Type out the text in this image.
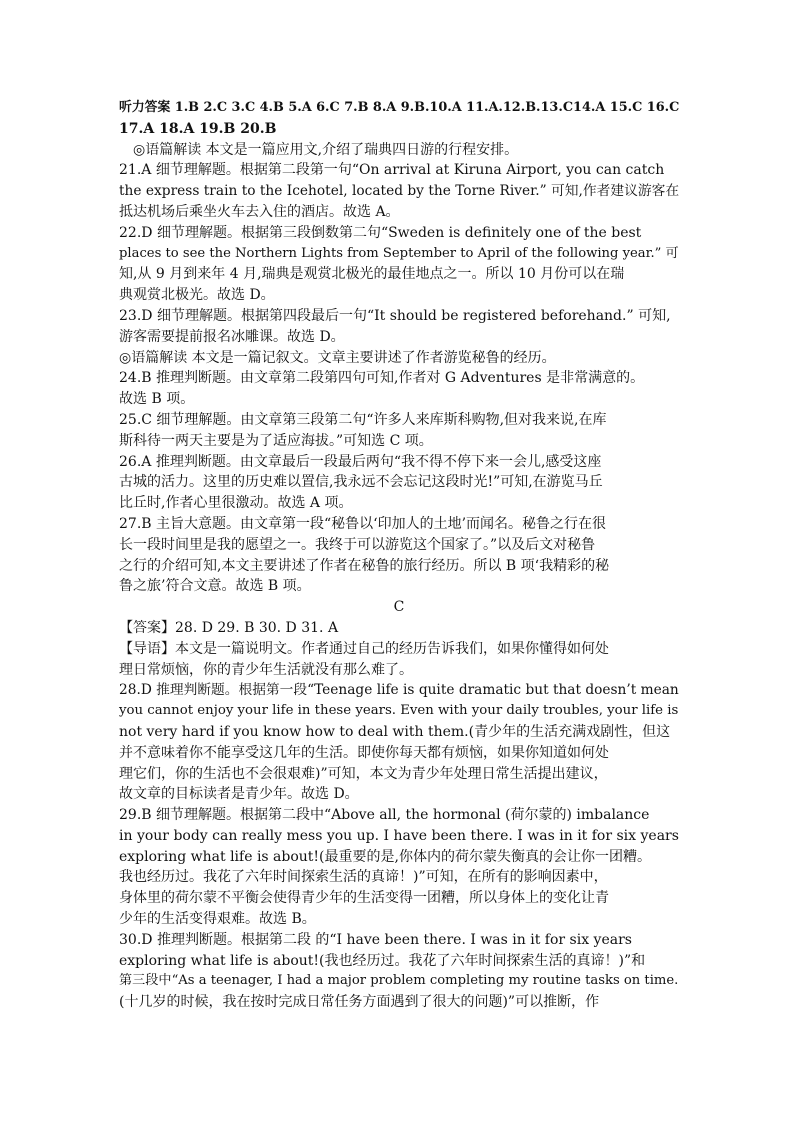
听力答案 1.B 2.C 3.C 4.B 5.A 6.C 7.B 8.A 9.B.10.A 11.A.12.B.13.C14.A 15.C 16.C
17.A 18.A 19.B 20.B
◎语篇解读 本文是一篇应用文,介绍了瑞典四日游的行程安排。
21.A 细节理解题。根据第二段第一句“On arrival at Kiruna Airport, you can catch
the express train to the Icehotel, located by the Torne River.” 可知,作者建议游客在
抵达机场后乘坐火车去入住的酒店。故选 A。
22.D 细节理解题。根据第三段倒数第二句“Sweden is definitely one of the best
places to see the Northern Lights from September to April of the following year.” 可
知,从 9 月到来年 4 月,瑞典是观赏北极光的最佳地点之一。所以 10 月份可以在瑞
典观赏北极光。故选 D。
23.D 细节理解题。根据第四段最后一句“It should be registered beforehand.” 可知,
游客需要提前报名冰雕课。故选 D。
◎语篇解读 本文是一篇记叙文。文章主要讲述了作者游览秘鲁的经历。
24.B 推理判断题。由文章第二段第四句可知,作者对 G Adventures 是非常满意的。
故选 B 项。
25.C 细节理解题。由文章第三段第二句“许多人来库斯科购物,但对我来说,在库
斯科待一两天主要是为了适应海拔。”可知选 C 项。
26.A 推理判断题。由文章最后一段最后两句“我不得不停下来一会儿,感受这座
古城的活力。这里的历史难以置信,我永远不会忘记这段时光!”可知,在游览马丘
比丘时,作者心里很激动。故选 A 项。
27.B 主旨大意题。由文章第一段“秘鲁以‘印加人的土地’而闻名。秘鲁之行在很
长一段时间里是我的愿望之一。我终于可以游览这个国家了。”以及后文对秘鲁
之行的介绍可知,本文主要讲述了作者在秘鲁的旅行经历。所以 B 项‘我精彩的秘
鲁之旅’符合文意。故选 B 项。
C
【答案】28. D 29. B 30. D 31. A
【导语】本文是一篇说明文。作者通过自己的经历告诉我们，如果你懂得如何处
理日常烦恼，你的青少年生活就没有那么难了。
28.D 推理判断题。根据第一段“Teenage life is quite dramatic but that doesn’t mean
you cannot enjoy your life in these years. Even with your daily troubles, your life is
not very hard if you know how to deal with them.(青少年的生活充满戏剧性，但这
并不意味着你不能享受这几年的生活。即使你每天都有烦恼，如果你知道如何处
理它们，你的生活也不会很艰难)”可知，本文为青少年处理日常生活提出建议，
故文章的目标读者是青少年。故选 D。
29.B 细节理解题。根据第二段中“Above all, the hormonal (荷尔蒙的) imbalance
in your body can really mess you up. I have been there. I was in it for six years
exploring what life is about!(最重要的是,你体内的荷尔蒙失衡真的会让你一团糟。
我也经历过。我花了六年时间探索生活的真谛！)”可知，在所有的影响因素中，
身体里的荷尔蒙不平衡会使得青少年的生活变得一团糟，所以身体上的变化让青
少年的生活变得艰难。故选 B。
30.D 推理判断题。根据第二段 的“I have been there. I was in it for six years
exploring what life is about!(我也经历过。我花了六年时间探索生活的真谛！)”和
第三段中“As a teenager, I had a major problem completing my routine tasks on time.
(十几岁的时候，我在按时完成日常任务方面遇到了很大的问题)”可以推断，作
